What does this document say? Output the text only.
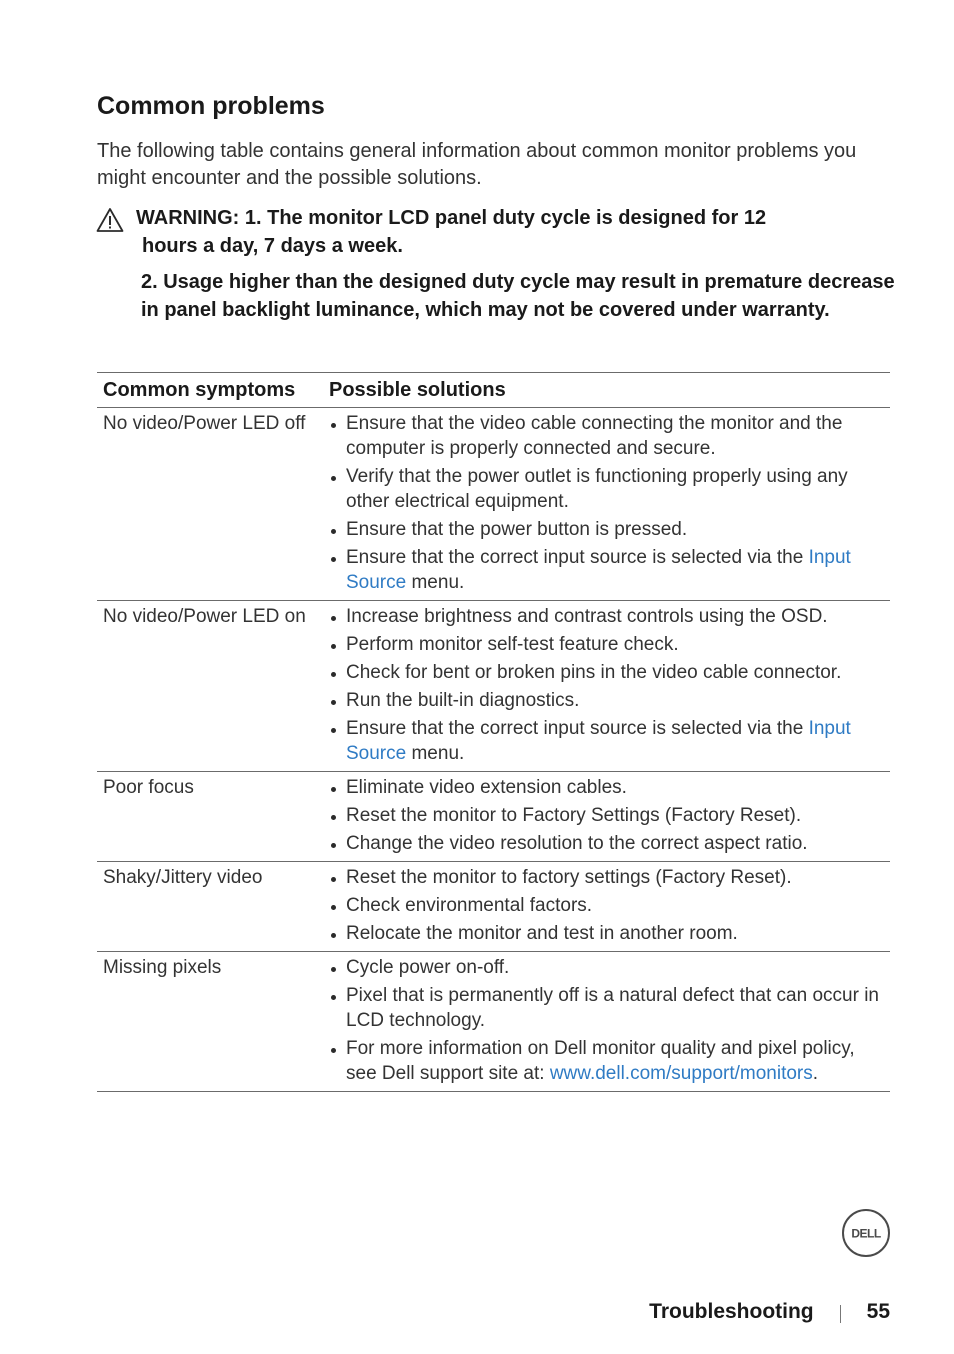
Common problems

The following table contains general information about common monitor problems you might encounter and the possible solutions.

WARNING: 1. The monitor LCD panel duty cycle is designed for 12
hours a day, 7 days a week.
2. Usage higher than the designed duty cycle may result in premature decrease in panel backlight luminance, which may not be covered under warranty.
Common symptoms	Possible solutions
No video/Power LED off	Ensure that the video cable connecting the monitor and the computer is properly connected and secure.
Verify that the power outlet is functioning properly using any other electrical equipment.
Ensure that the power button is pressed.
Ensure that the correct input source is selected via the Input Source menu.
No video/Power LED on	Increase brightness and contrast controls using the OSD.
Perform monitor self-test feature check.
Check for bent or broken pins in the video cable connector.
Run the built-in diagnostics.
Ensure that the correct input source is selected via the Input Source menu.
Poor focus	Eliminate video extension cables.
Reset the monitor to Factory Settings (Factory Reset).
Change the video resolution to the correct aspect ratio.
Shaky/Jittery video	Reset the monitor to factory settings (Factory Reset).
Check environmental factors.
Relocate the monitor and test in another room.
Missing pixels	Cycle power on-off.
Pixel that is permanently off is a natural defect that can occur in LCD technology.
For more information on Dell monitor quality and pixel policy, see Dell support site at: www.dell.com/support/monitors.
DELL
Troubleshooting	55
